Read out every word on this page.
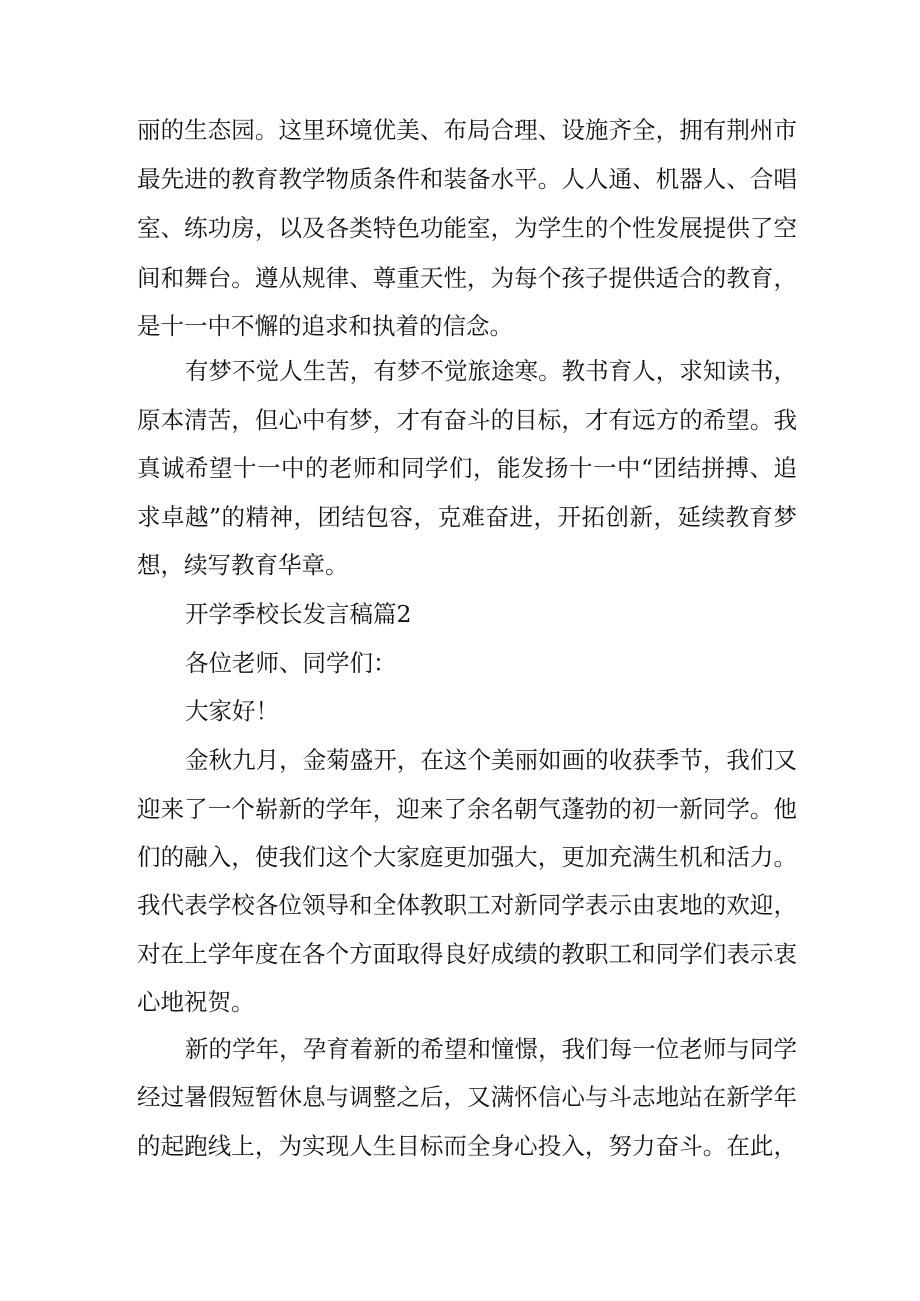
丽的生态园。这里环境优美、布局合理、设施齐全，拥有荆州市
最先进的教育教学物质条件和装备水平。人人通、机器人、合唱
室、练功房，以及各类特色功能室，为学生的个性发展提供了空
间和舞台。遵从规律、尊重天性，为每个孩子提供适合的教育，
是十一中不懈的追求和执着的信念。
有梦不觉人生苦，有梦不觉旅途寒。教书育人，求知读书，
原本清苦，但心中有梦，才有奋斗的目标，才有远方的希望。我
真诚希望十一中的老师和同学们，能发扬十一中“团结拼搏、追
求卓越”的精神，团结包容，克难奋进，开拓创新，延续教育梦
想，续写教育华章。
开学季校长发言稿篇2
各位老师、同学们：
大家好！
金秋九月，金菊盛开，在这个美丽如画的收获季节，我们又
迎来了一个崭新的学年，迎来了余名朝气蓬勃的初一新同学。他
们的融入，使我们这个大家庭更加强大，更加充满生机和活力。
我代表学校各位领导和全体教职工对新同学表示由衷地的欢迎，
对在上学年度在各个方面取得良好成绩的教职工和同学们表示衷
心地祝贺。
新的学年，孕育着新的希望和憧憬，我们每一位老师与同学
经过暑假短暂休息与调整之后，又满怀信心与斗志地站在新学年
的起跑线上，为实现人生目标而全身心投入，努力奋斗。在此，
